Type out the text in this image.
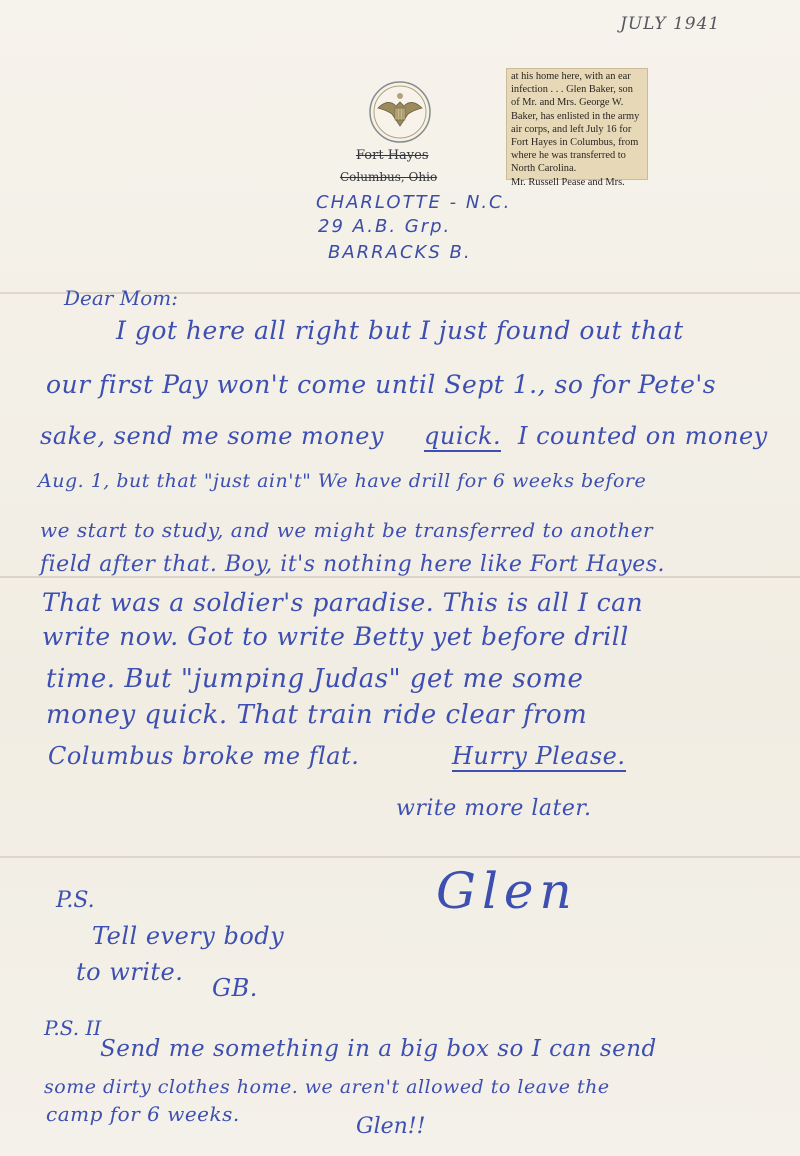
JULY 1941
Fort Hayes
Columbus, Ohio
CHARLOTTE - N.C.
29 A.B. Grp.
BARRACKS B.
at his home here, with an ear
infection . . . Glen Baker, son
of Mr. and Mrs. George W.
Baker, has enlisted in the army
air corps, and left July 16 for
Fort Hayes in Columbus, from
where he was transferred to
North Carolina.
Mr. Russell Pease and Mrs.
Dear Mom:
I got here all right but I just found out that
our first Pay won't come until Sept 1., so for Pete's
sake, send me some money quick. I counted on money
Aug. 1, but that "just ain't" We have drill for 6 weeks before
we start to study, and we might be transferred to another
field after that. Boy, it's nothing here like Fort Hayes.
That was a soldier's paradise. This is all I can
write now. Got to write Betty yet before drill
time. But "jumping Judas" get me some
money quick. That train ride clear from
Columbus broke me flat.	Hurry Please.
write more later.
Glen
P.S.
Tell every body
to write.
GB.
P.S. II
Send me something in a big box so I can send
some dirty clothes home. we aren't allowed to leave the
camp for 6 weeks.	Glen!!
